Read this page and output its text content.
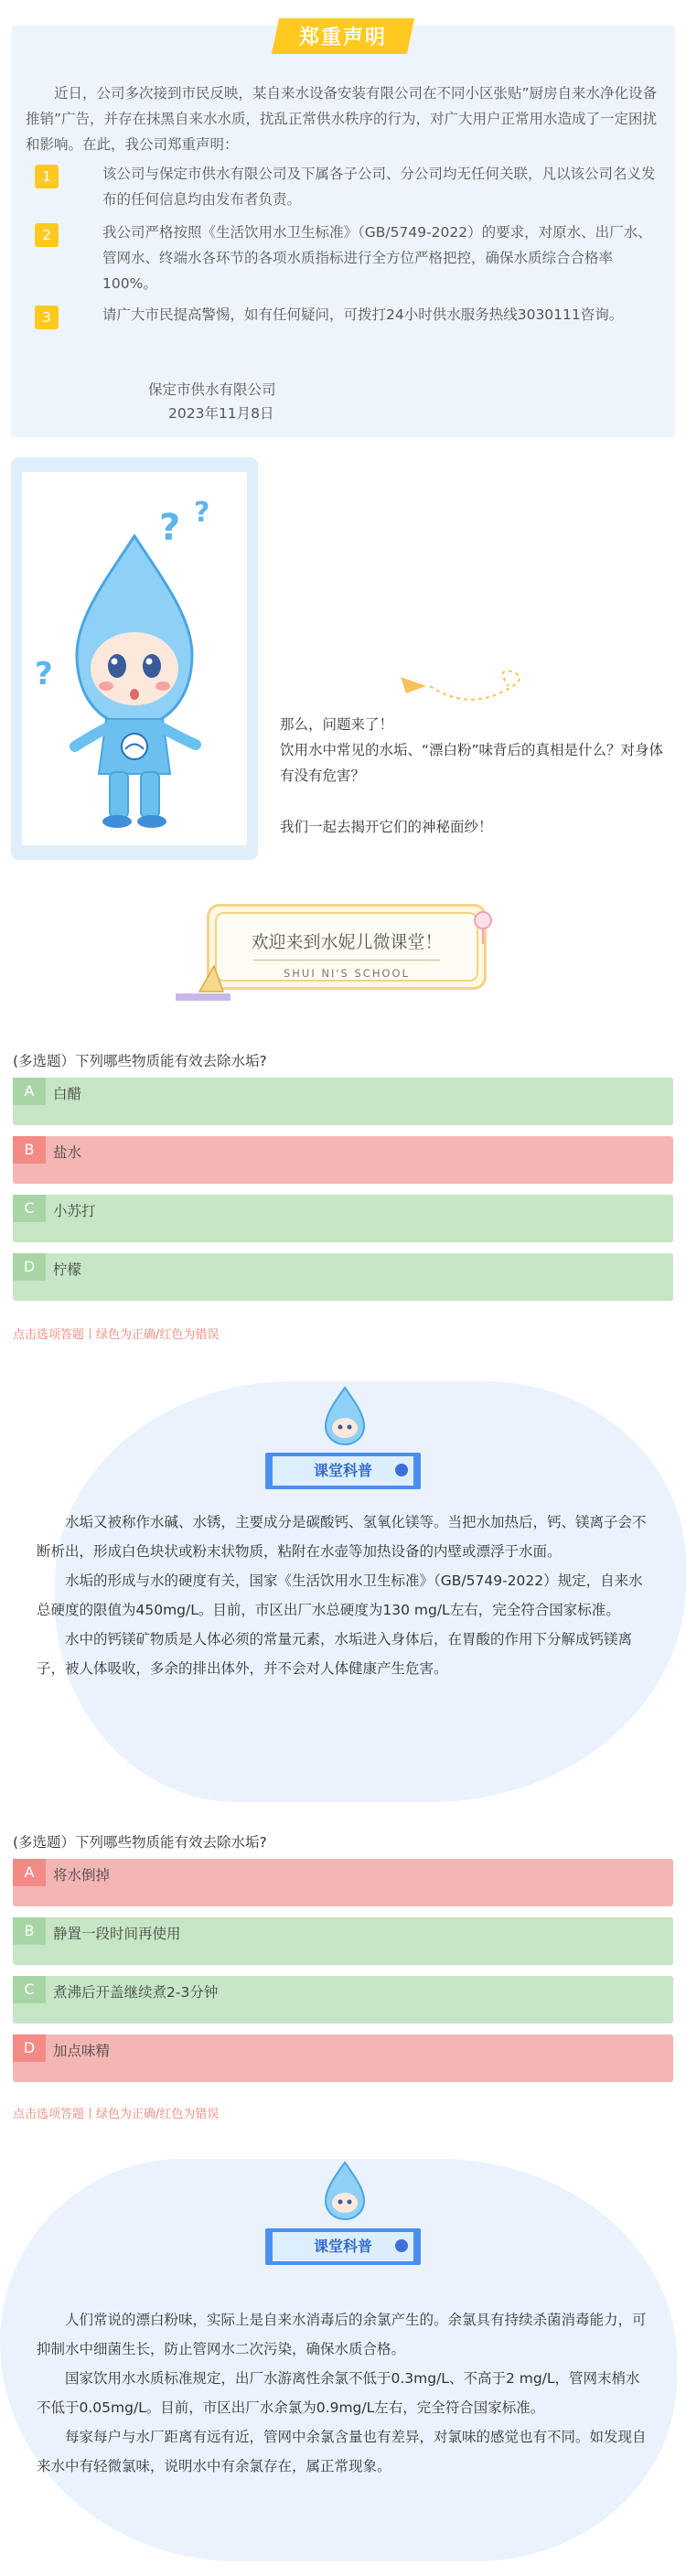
郑重声明
近日，公司多次接到市民反映，某自来水设备安装有限公司在不同小区张贴”厨房自来水净化设备推销”广告，并存在抹黑自来水水质，扰乱正常供水秩序的行为，对广大用户正常用水造成了一定困扰和影响。在此，我公司郑重声明：
1	该公司与保定市供水有限公司及下属各子公司、分公司均无任何关联，凡以该公司名义发布的任何信息均由发布者负责。
2	我公司严格按照《生活饮用水卫生标准》（GB/5749-2022）的要求，对原水、出厂水、管网水、终端水各环节的各项水质指标进行全方位严格把控，确保水质综合合格率100%。
3	请广大市民提高警惕，如有任何疑问，可拨打24小时供水服务热线3030111咨询。
保定市供水有限公司
2023年11月8日
? ?
?
那么，问题来了！
饮用水中常见的水垢、“漂白粉”味背后的真相是什么？对身体有没有危害？
我们一起去揭开它们的神秘面纱！
欢迎来到水妮儿微课堂！
SHUI NI'S SCHOOL
(多选题）下列哪些物质能有效去除水垢?
A	白醋
B	盐水
C	小苏打
D	柠檬
点击选项答题丨绿色为正确/红色为错误
课堂科普

水垢又被称作水碱、水锈，主要成分是碳酸钙、氢氧化镁等。当把水加热后，钙、镁离子会不断析出，形成白色块状或粉末状物质，粘附在水壶等加热设备的内壁或漂浮于水面。

水垢的形成与水的硬度有关，国家《生活饮用水卫生标准》（GB/5749-2022）规定，自来水总硬度的限值为450mg/L。目前，市区出厂水总硬度为130 mg/L左右，完全符合国家标准。

水中的钙镁矿物质是人体必须的常量元素，水垢进入身体后，在胃酸的作用下分解成钙镁离子，被人体吸收，多余的排出体外，并不会对人体健康产生危害。

(多选题）下列哪些物质能有效去除水垢?
A	将水倒掉
B	静置一段时间再使用
C	煮沸后开盖继续煮2-3分钟
D	加点味精
点击选项答题丨绿色为正确/红色为错误
课堂科普

人们常说的漂白粉味，实际上是自来水消毒后的余氯产生的。余氯具有持续杀菌消毒能力，可抑制水中细菌生长，防止管网水二次污染，确保水质合格。

国家饮用水水质标准规定，出厂水游离性余氯不低于0.3mg/L、不高于2 mg/L，管网末梢水不低于0.05mg/L。目前，市区出厂水余氯为0.9mg/L左右，完全符合国家标准。

每家每户与水厂距离有远有近，管网中余氯含量也有差异，对氯味的感觉也有不同。如发现自来水中有轻微氯味，说明水中有余氯存在，属正常现象。
